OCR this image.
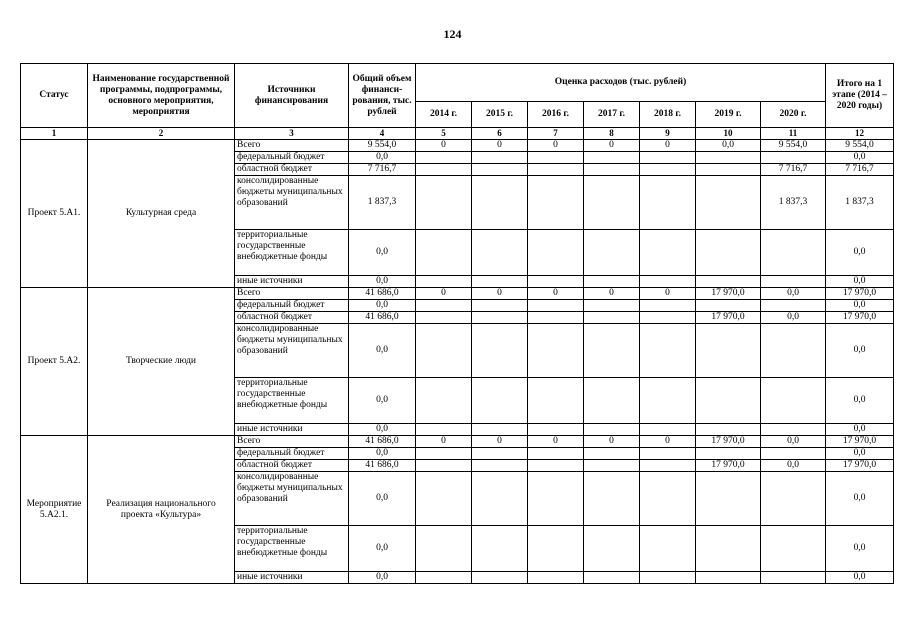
124
Статус	Наименование государственной программы, подпрограммы, основного мероприятия, мероприятия	Источники финансирования	Общий объем финанси-рования, тыс. рублей	Оценка расходов (тыс. рублей)							Итого на 1 этапе (2014 – 2020 годы)
				2014 г.	2015 г.	2016 г.	2017 г.	2018 г.	2019 г.	2020 г.	
1	2	3	4	5	6	7	8	9	10	11	12
Проект 5.А1.	Культурная среда	Всего	9 554,0	0	0	0	0	0	0,0	9 554,0	9 554,0
		федеральный бюджет	0,0								0,0
		областной бюджет	7 716,7							7 716,7	7 716,7
		консолидированные бюджеты муниципальных образований	1 837,3							1 837,3	1 837,3
		территориальные государственные внебюджетные фонды	0,0								0,0
		иные источники	0,0								0,0
Проект 5.А2.	Творческие люди	Всего	41 686,0	0	0	0	0	0	17 970,0	0,0	17 970,0
		федеральный бюджет	0,0								0,0
		областной бюджет	41 686,0						17 970,0	0,0	17 970,0
		консолидированные бюджеты муниципальных образований	0,0								0,0
		территориальные государственные внебюджетные фонды	0,0								0,0
		иные источники	0,0								0,0
Мероприятие 5.А2.1.	Реализация национального проекта «Культура»	Всего	41 686,0	0	0	0	0	0	17 970,0	0,0	17 970,0
		федеральный бюджет	0,0								0,0
		областной бюджет	41 686,0						17 970,0	0,0	17 970,0
		консолидированные бюджеты муниципальных образований	0,0								0,0
		территориальные государственные внебюджетные фонды	0,0								0,0
		иные источники	0,0								0,0
